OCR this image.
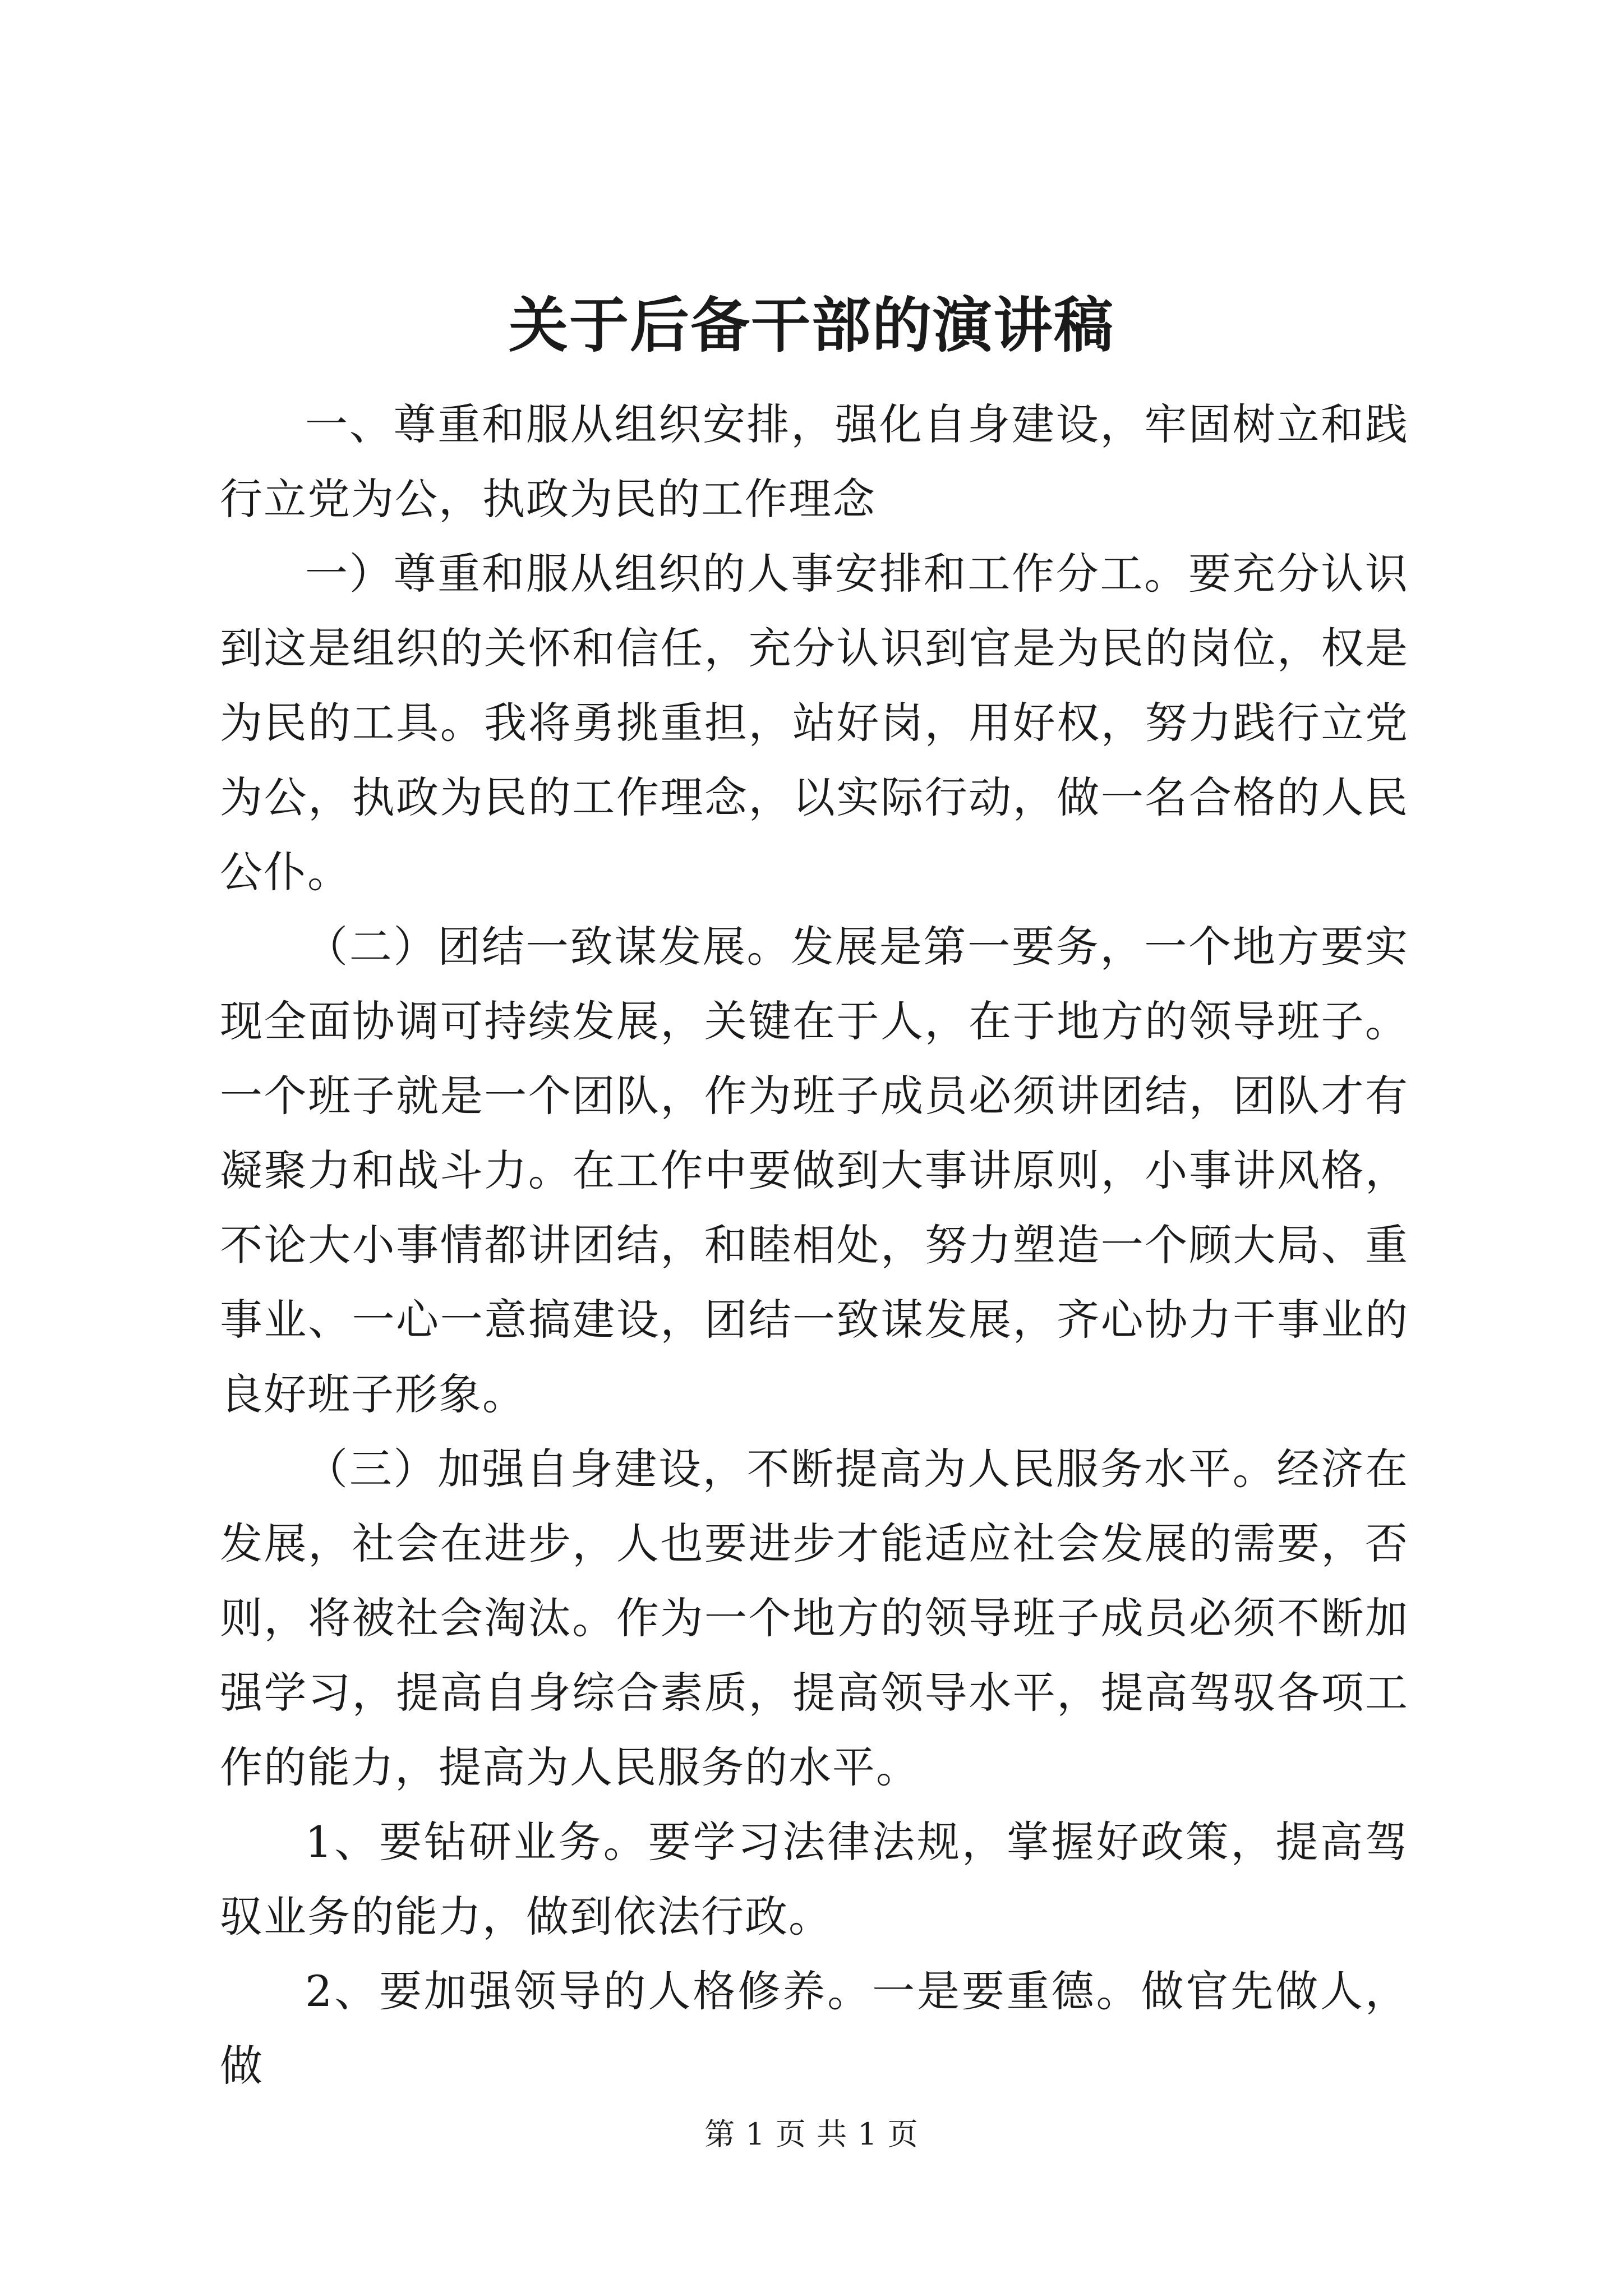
关于后备干部的演讲稿

一、尊重和服从组织安排，强化自身建设，牢固树立和践行立党为公，执政为民的工作理念

一）尊重和服从组织的人事安排和工作分工。要充分认识到这是组织的关怀和信任，充分认识到官是为民的岗位，权是为民的工具。我将勇挑重担，站好岗，用好权，努力践行立党为公，执政为民的工作理念，以实际行动，做一名合格的人民公仆。

（二）团结一致谋发展。发展是第一要务，一个地方要实现全面协调可持续发展，关键在于人，在于地方的领导班子。一个班子就是一个团队，作为班子成员必须讲团结，团队才有凝聚力和战斗力。在工作中要做到大事讲原则，小事讲风格，不论大小事情都讲团结，和睦相处，努力塑造一个顾大局、重事业、一心一意搞建设，团结一致谋发展，齐心协力干事业的良好班子形象。

（三）加强自身建设，不断提高为人民服务水平。经济在发展，社会在进步，人也要进步才能适应社会发展的需要，否则，将被社会淘汰。作为一个地方的领导班子成员必须不断加强学习，提高自身综合素质，提高领导水平，提高驾驭各项工作的能力，提高为人民服务的水平。

1、要钻研业务。要学习法律法规，掌握好政策，提高驾驭业务的能力，做到依法行政。

2、要加强领导的人格修养。一是要重德。做官先做人，做

第 1 页 共 1 页
